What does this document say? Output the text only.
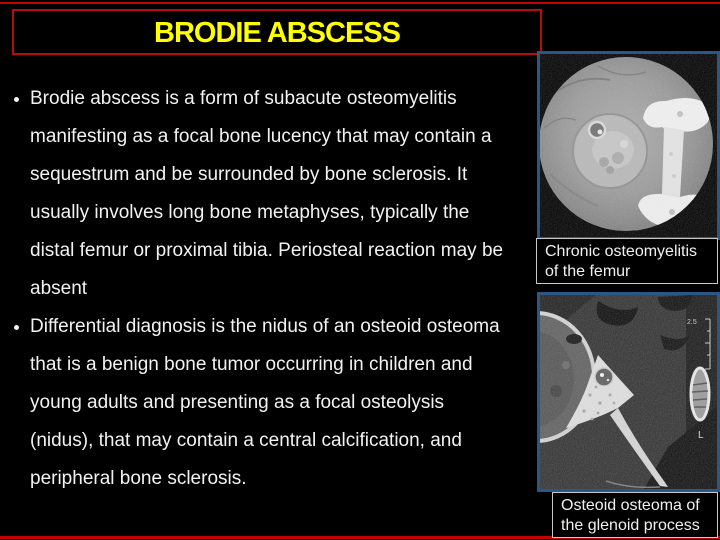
BRODIE ABSCESS
Brodie abscess is a form of subacute osteomyelitis
manifesting as a focal bone lucency that may contain a
sequestrum and be surrounded by bone sclerosis. It
usually involves long bone metaphyses, typically the
distal femur or proximal tibia. Periosteal reaction may be
absent
Differential diagnosis is the nidus of an osteoid osteoma
that is a benign bone tumor occurring in children and
young adults and presenting as a focal osteolysis
(nidus), that may contain a central calcification, and
peripheral bone sclerosis.
Chronic osteomyelitis
of the femur
Osteoid osteoma of
the glenoid process
